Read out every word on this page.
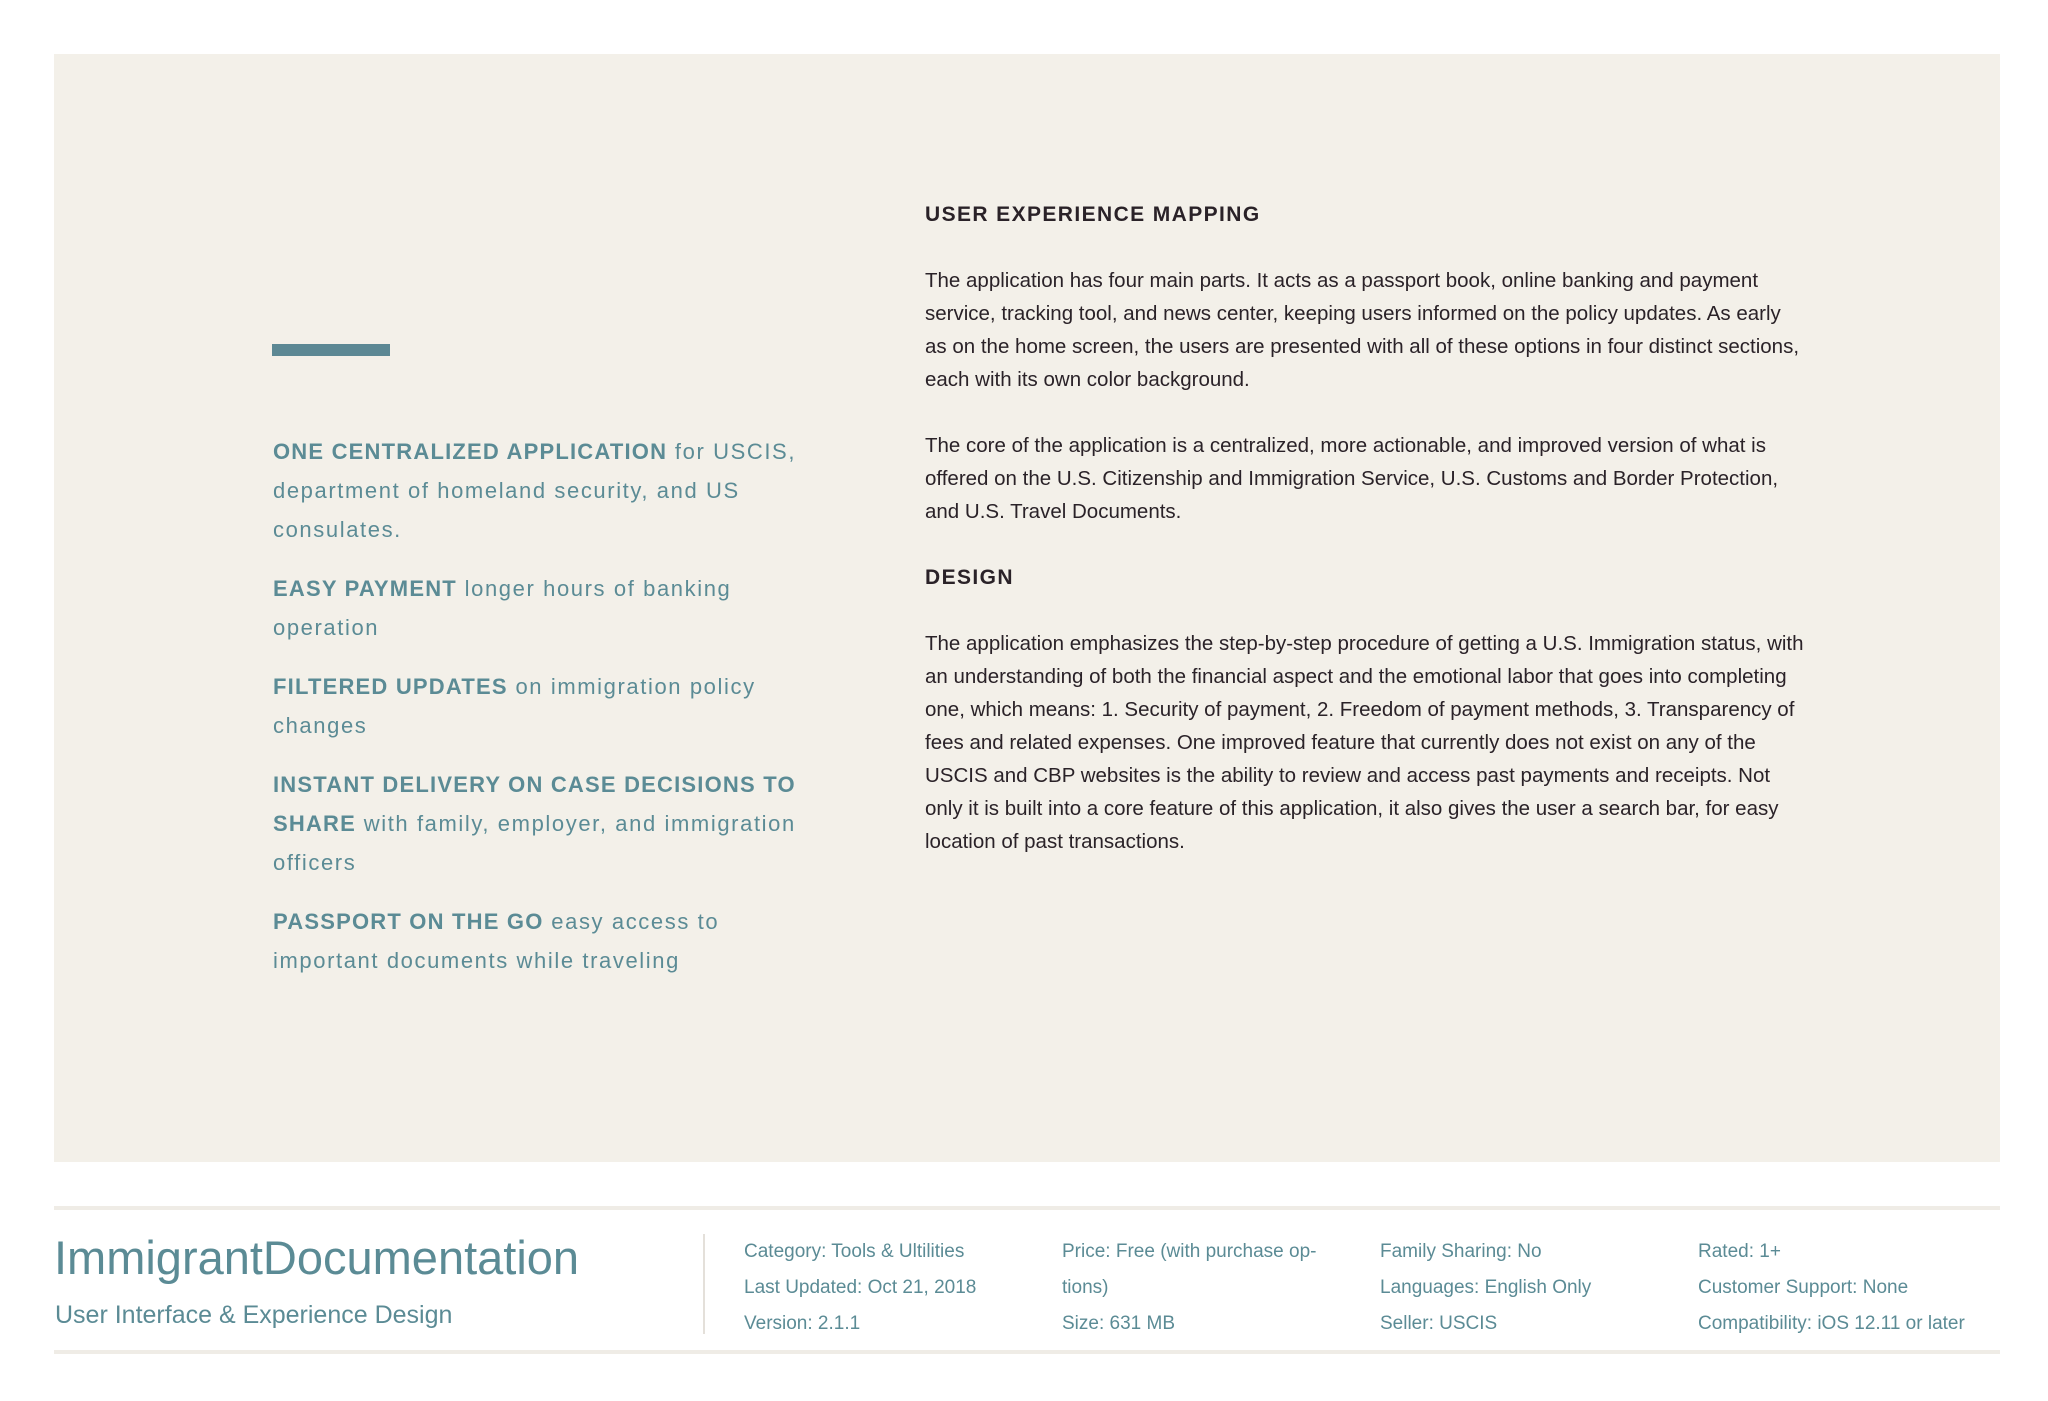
ONE CENTRALIZED APPLICATION for USCIS, department of homeland security, and US consulates.

EASY PAYMENT longer hours of banking operation

FILTERED UPDATES on immigration policy changes

INSTANT DELIVERY ON CASE DECISIONS TO SHARE with family, employer, and immigration officers

PASSPORT ON THE GO easy access to important documents while traveling

USER EXPERIENCE MAPPING

The application has four main parts. It acts as a passport book, online banking and payment service, tracking tool, and news center, keeping users informed on the policy updates. As early as on the home screen, the users are presented with all of these options in four distinct sections, each with its own color background.

The core of the application is a centralized, more actionable, and improved version of what is offered on the U.S. Citizenship and Immigration Service, U.S. Customs and Border Protection, and U.S. Travel Documents.

DESIGN

The application emphasizes the step-by-step procedure of getting a U.S. Immigration status, with an understanding of both the financial aspect and the emotional labor that goes into completing one, which means: 1. Security of payment, 2. Freedom of payment methods, 3. Transparency of fees and related expenses. One improved feature that currently does not exist on any of the USCIS and CBP websites is the ability to review and access past payments and receipts. Not only it is built into a core feature of this application, it also gives the user a search bar, for easy location of past transactions.

ImmigrantDocumentation
User Interface & Experience Design
Category: Tools & Ultilities
Last Updated: Oct 21, 2018
Version: 2.1.1
Price: Free (with purchase op-
tions)
Size: 631 MB
Family Sharing: No
Languages: English Only
Seller: USCIS
Rated: 1+
Customer Support: None
Compatibility: iOS 12.11 or later
